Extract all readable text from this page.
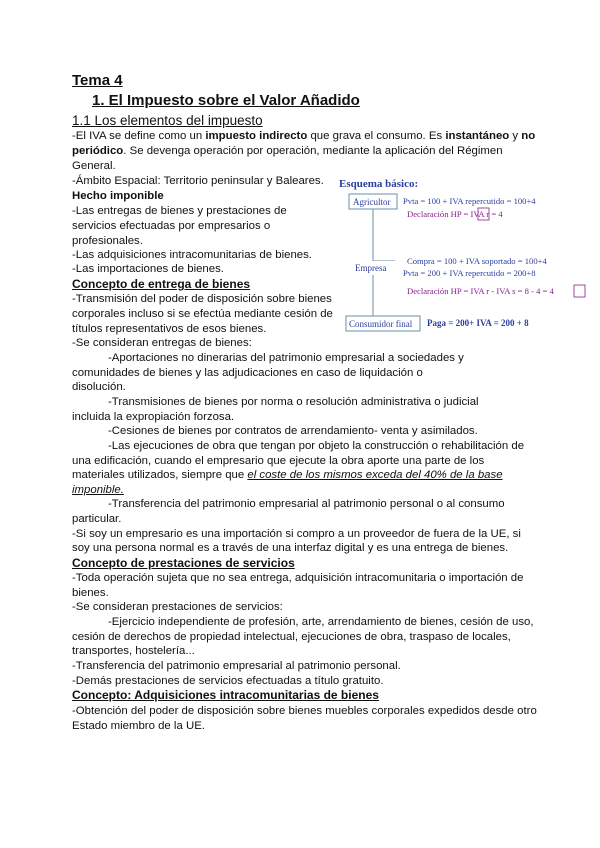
Tema 4
1. El Impuesto sobre el Valor Añadido
1.1 Los elementos del impuesto
-El IVA se define como un impuesto indirecto que grava el consumo. Es instantáneo y no
periódico. Se devenga operación por operación, mediante la aplicación del Régimen
General.
-Ámbito Espacial: Territorio peninsular y Baleares.
Hecho imponible
-Las entregas de bienes y prestaciones de
servicios efectuadas por empresarios o
profesionales.
-Las adquisiciones intracomunitarias de bienes.
-Las importaciones de bienes.
Concepto de entrega de bienes
-Transmisión del poder de disposición sobre bienes
corporales incluso si se efectúa mediante cesión de
títulos representativos de esos bienes.
-Se consideran entregas de bienes:
-Aportaciones no dinerarias del patrimonio empresarial a sociedades y
comunidades de bienes y las adjudicaciones en caso de liquidación o
disolución.
-Transmisiones de bienes por norma o resolución administrativa o judicial
incluida la expropiación forzosa.
-Cesiones de bienes por contratos de arrendamiento- venta y asimilados.
-Las ejecuciones de obra que tengan por objeto la construcción o rehabilitación de
una edificación, cuando el empresario que ejecute la obra aporte una parte de los
materiales utilizados, siempre que el coste de los mismos exceda del 40% de la base
imponible.
-Transferencia del patrimonio empresarial al patrimonio personal o al consumo
particular.
-Si soy un empresario es una importación si compro a un proveedor de fuera de la UE, si
soy una persona normal es a través de una interfaz digital y es una entrega de bienes.
Concepto de prestaciones de servicios
-Toda operación sujeta que no sea entrega, adquisición intracomunitaria o importación de
bienes.
-Se consideran prestaciones de servicios:
-Ejercicio independiente de profesión, arte, arrendamiento de bienes, cesión de uso,
cesión de derechos de propiedad intelectual, ejecuciones de obra, traspaso de locales,
transportes, hostelería...
-Transferencia del patrimonio empresarial al patrimonio personal.
-Demás prestaciones de servicios efectuadas a título gratuito.
Concepto: Adquisiciones intracomunitarias de bienes
-Obtención del poder de disposición sobre bienes muebles corporales expedidos desde otro
Estado miembro de la UE.
Esquema básico:
Agricultor Pvta = 100 + IVA repercutido = 100+4
Declaración HP = IVA r = 4
Empresa
Compra = 100 + IVA soportado = 100+4
Pvta = 200 + IVA repercutido = 200+8
Declaración HP = IVA r - IVA s = 8 - 4 = 4
Consumidor final Paga = 200+ IVA = 200 + 8
